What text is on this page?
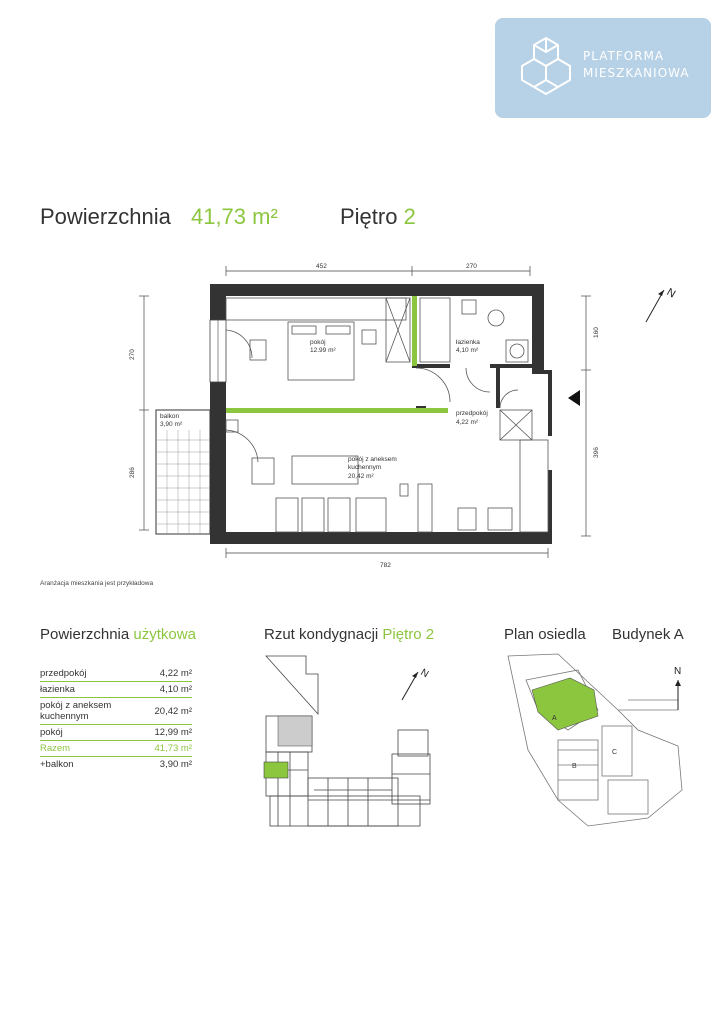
PLATFORMA
MIESZKANIOWA
Powierzchnia 41,73 m²	Piętro 2
452	270
782
270
286
160
396
pokój
12.99 m²
łazienka
4,10 m²
przedpokój
4,22 m²
pokój z aneksem
kuchennym
20,42 m²
balkon
3,90 m²
N
Aranżacja mieszkania jest przykładowa
Powierzchnia użytkowa	Rzut kondygnacji Piętro 2	Plan osiedla Budynek A
przedpokój	4,22 m²
łazienka	4,10 m²
pokój z aneksem kuchennym	20,42 m²
pokój	12,99 m²
Razem	41,73 m²
+balkon	3,90 m²
N
A
B
C
N
